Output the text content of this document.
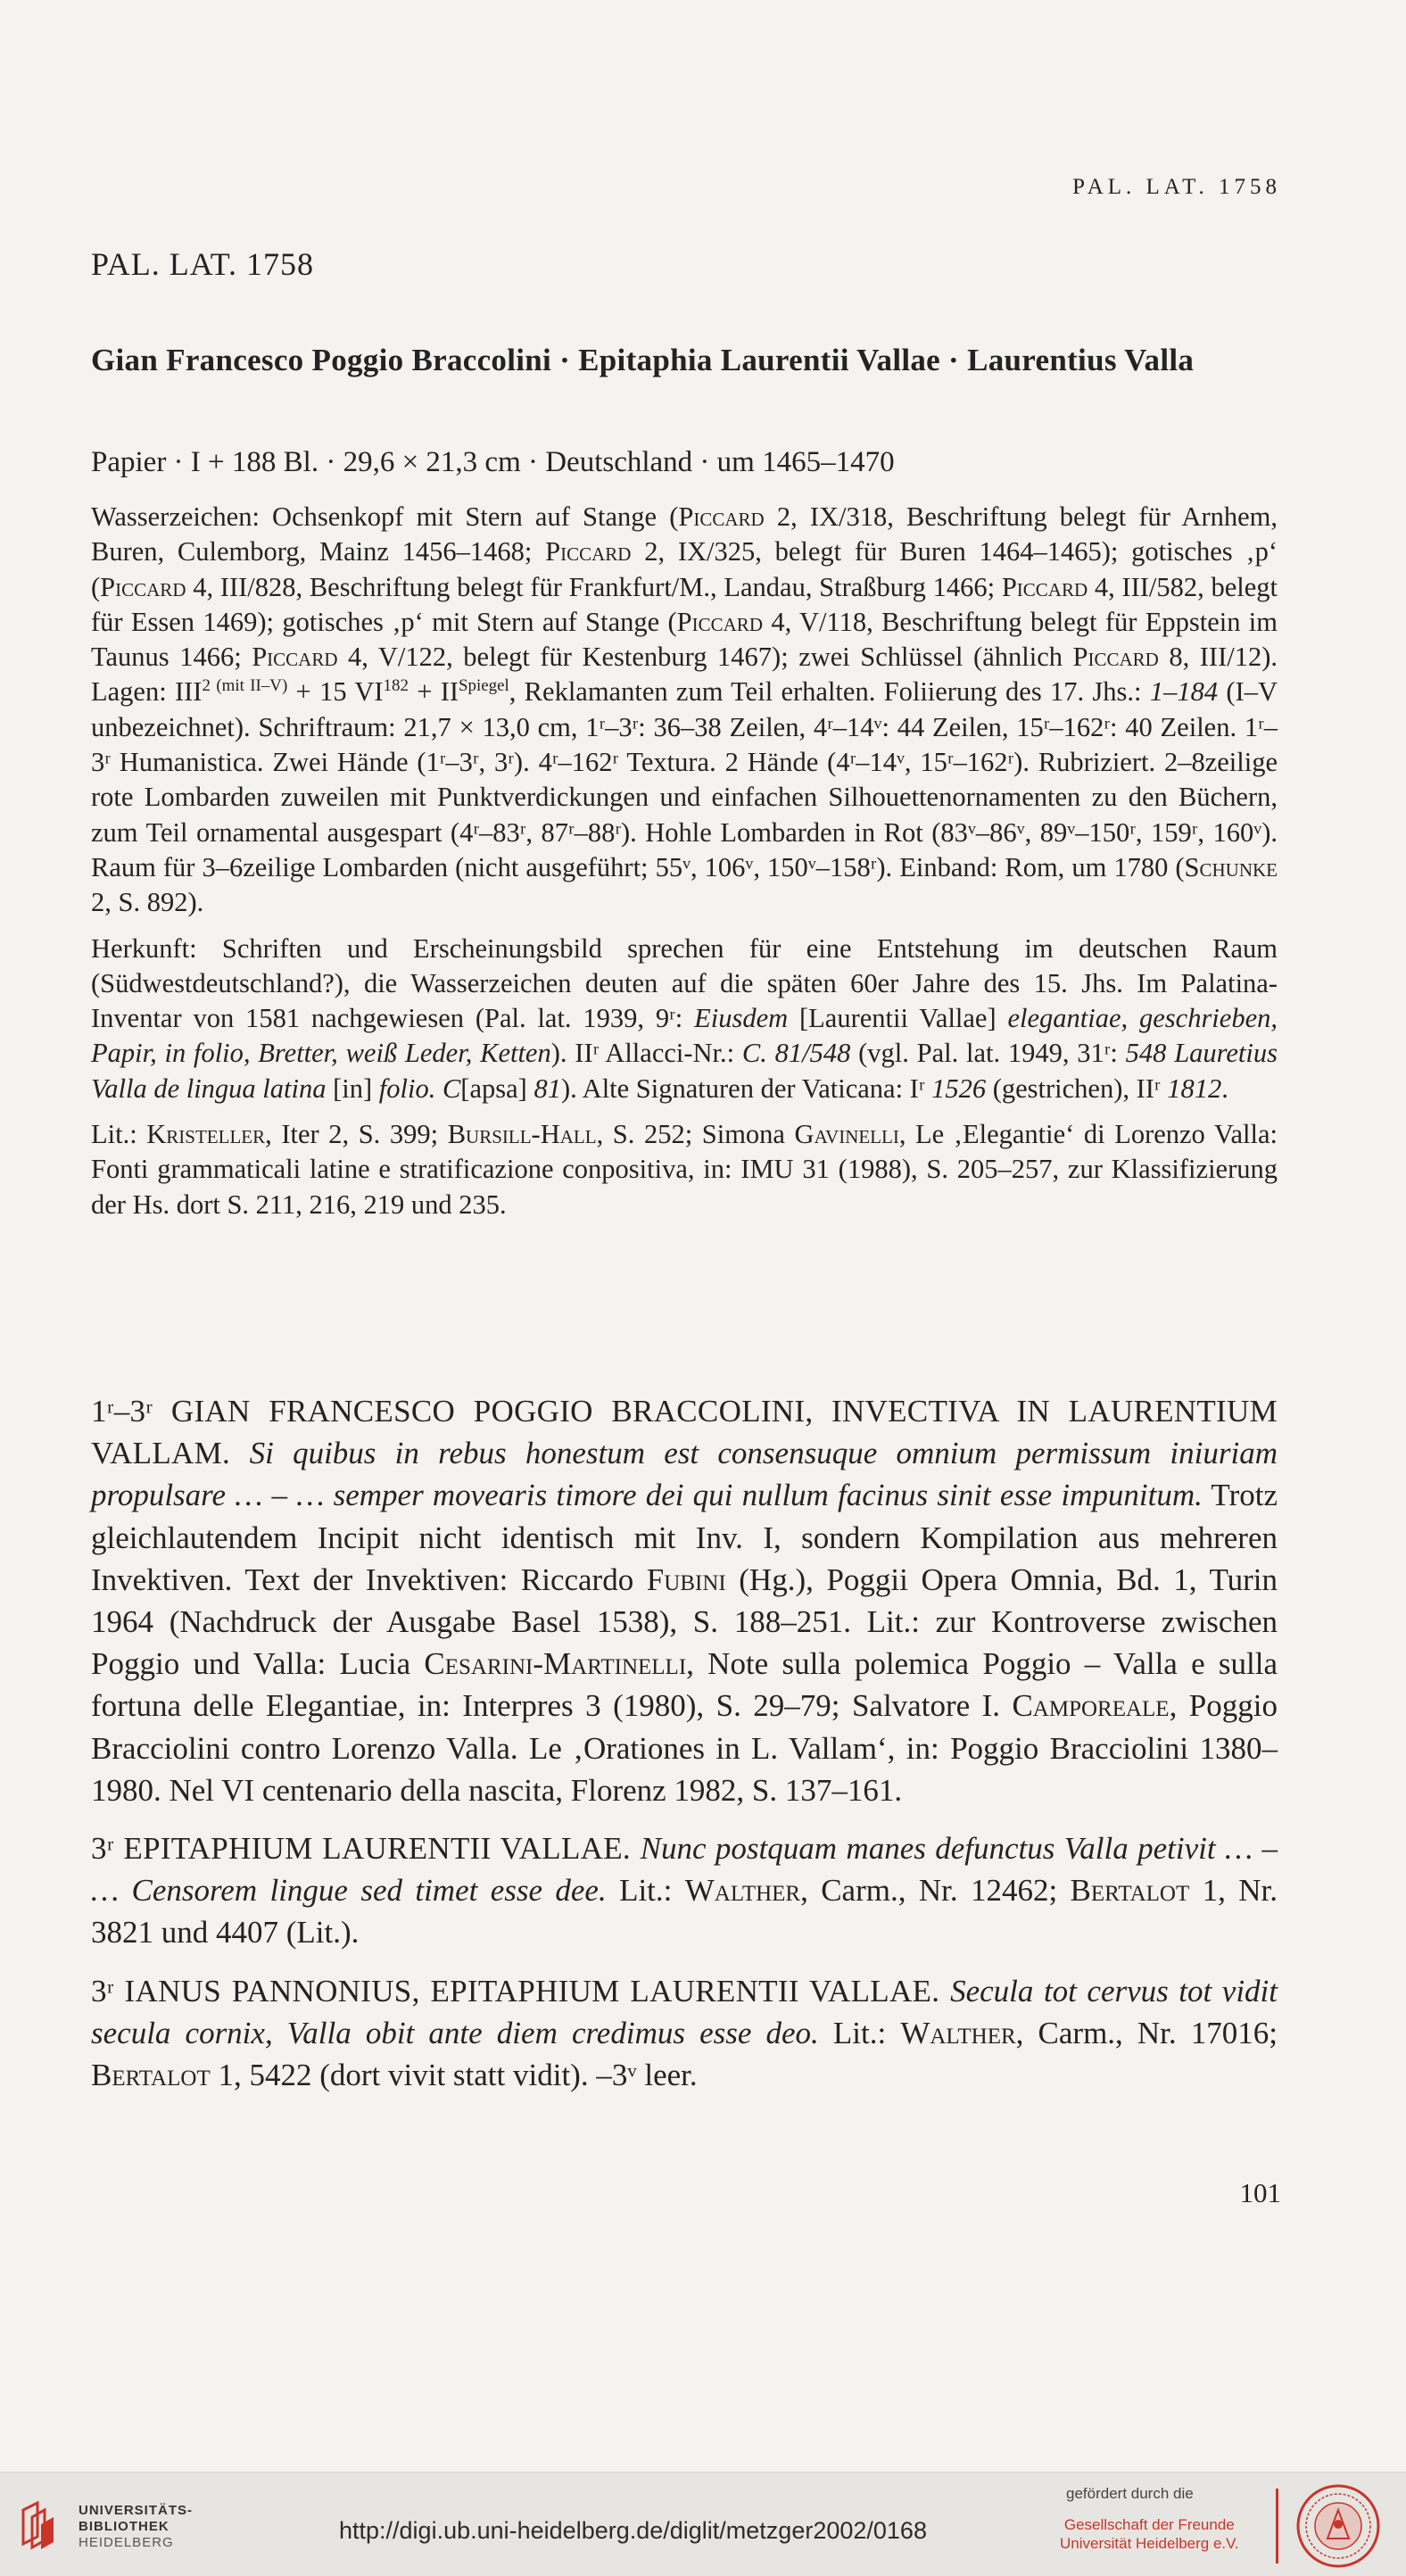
PAL. LAT. 1758
PAL. LAT. 1758
Gian Francesco Poggio Braccolini · Epitaphia Laurentii Vallae · Laurentius Valla
Papier · I + 188 Bl. · 29,6 × 21,3 cm · Deutschland · um 1465–1470

Wasserzeichen: Ochsenkopf mit Stern auf Stange (Piccard 2, IX/318, Beschriftung belegt für Arnhem, Buren, Culemborg, Mainz 1456–1468; Piccard 2, IX/325, belegt für Buren 1464–1465); gotisches ‚p‘ (Piccard 4, III/828, Beschriftung belegt für Frankfurt/M., Landau, Straßburg 1466; Piccard 4, III/582, belegt für Essen 1469); gotisches ‚p‘ mit Stern auf Stange (Piccard 4, V/118, Beschriftung belegt für Eppstein im Taunus 1466; Piccard 4, V/122, belegt für Kestenburg 1467); zwei Schlüssel (ähnlich Piccard 8, III/12). Lagen: $III^{2 (mit II-V)} + 15$ $VI^{182} + II^{Spiegel}$, Reklamanten zum Teil erhalten. Foliierung des 17. Jhs.: 1–184 (I–V unbezeichnet). Schriftraum: 21,7 × 13,0 cm, 1ʳ–3ʳ: 36–38 Zeilen, 4ʳ–14ᵛ: 44 Zeilen, 15ʳ–162ʳ: 40 Zeilen. 1ʳ–3ʳ Humanistica. Zwei Hände (1ʳ–3ʳ, 3ʳ). 4ʳ–162ʳ Textura. 2 Hände (4ʳ–14ᵛ, 15ʳ–162ʳ). Rubriziert. 2–8zeilige rote Lombarden zuweilen mit Punktverdickungen und einfachen Silhouettenornamenten zu den Büchern, zum Teil ornamental ausgespart (4ʳ–83ʳ, 87ʳ–88ʳ). Hohle Lombarden in Rot (83ᵛ–86ᵛ, 89ᵛ–150ʳ, 159ʳ, 160ᵛ). Raum für 3–6zeilige Lombarden (nicht ausgeführt; 55ᵛ, 106ᵛ, 150ᵛ–158ʳ). Einband: Rom, um 1780 (Schunke 2, S. 892).

Herkunft: Schriften und Erscheinungsbild sprechen für eine Entstehung im deutschen Raum (Südwestdeutschland?), die Wasserzeichen deuten auf die späten 60er Jahre des 15. Jhs. Im Palatina-Inventar von 1581 nachgewiesen (Pal. lat. 1939, 9ʳ: Eiusdem [Laurentii Vallae] elegantiae, geschrieben, Papir, in folio, Bretter, weiß Leder, Ketten). IIʳ Allacci-Nr.: C. 81/548 (vgl. Pal. lat. 1949, 31ʳ: 548 Lauretius Valla de lingua latina [in] folio. C[apsa] 81). Alte Signaturen der Vaticana: Iʳ 1526 (gestrichen), IIʳ 1812.

Lit.: Kristeller, Iter 2, S. 399; Bursill-Hall, S. 252; Simona Gavinelli, Le ‚Elegantie‘ di Lorenzo Valla: Fonti grammaticali latine e stratificazione conpositiva, in: IMU 31 (1988), S. 205–257, zur Klassifizierung der Hs. dort S. 211, 216, 219 und 235.

1ʳ–3ʳ GIAN FRANCESCO POGGIO BRACCOLINI, INVECTIVA IN LAURENTIUM VALLAM. Si quibus in rebus honestum est consensuque omnium permissum iniuriam propulsare … – … semper movearis timore dei qui nullum facinus sinit esse impunitum. Trotz gleichlautendem Incipit nicht identisch mit Inv. I, sondern Kompilation aus mehreren Invektiven. Text der Invektiven: Riccardo Fubini (Hg.), Poggii Opera Omnia, Bd. 1, Turin 1964 (Nachdruck der Ausgabe Basel 1538), S. 188–251. Lit.: zur Kontroverse zwischen Poggio und Valla: Lucia Cesarini-Martinelli, Note sulla polemica Poggio – Valla e sulla fortuna delle Elegantiae, in: Interpres 3 (1980), S. 29–79; Salvatore I. Camporeale, Poggio Bracciolini contro Lorenzo Valla. Le ‚Orationes in L. Vallam‘, in: Poggio Bracciolini 1380–1980. Nel VI centenario della nascita, Florenz 1982, S. 137–161.

3ʳ EPITAPHIUM LAURENTII VALLAE. Nunc postquam manes defunctus Valla petivit … – … Censorem lingue sed timet esse dee. Lit.: Walther, Carm., Nr. 12462; Bertalot 1, Nr. 3821 und 4407 (Lit.).

3ʳ IANUS PANNONIUS, EPITAPHIUM LAURENTII VALLAE. Secula tot cervus tot vidit secula cornix, Valla obit ante diem credimus esse deo. Lit.: Walther, Carm., Nr. 17016; Bertalot 1, 5422 (dort vivit statt vidit). –3ᵛ leer.

101
UNIVERSITÄTS-
BIBLIOTHEK
HEIDELBERG	http://digi.ub.uni-heidelberg.de/diglit/metzger2002/0168
gefördert durch die
Gesellschaft der Freunde
Universität Heidelberg e.V.
